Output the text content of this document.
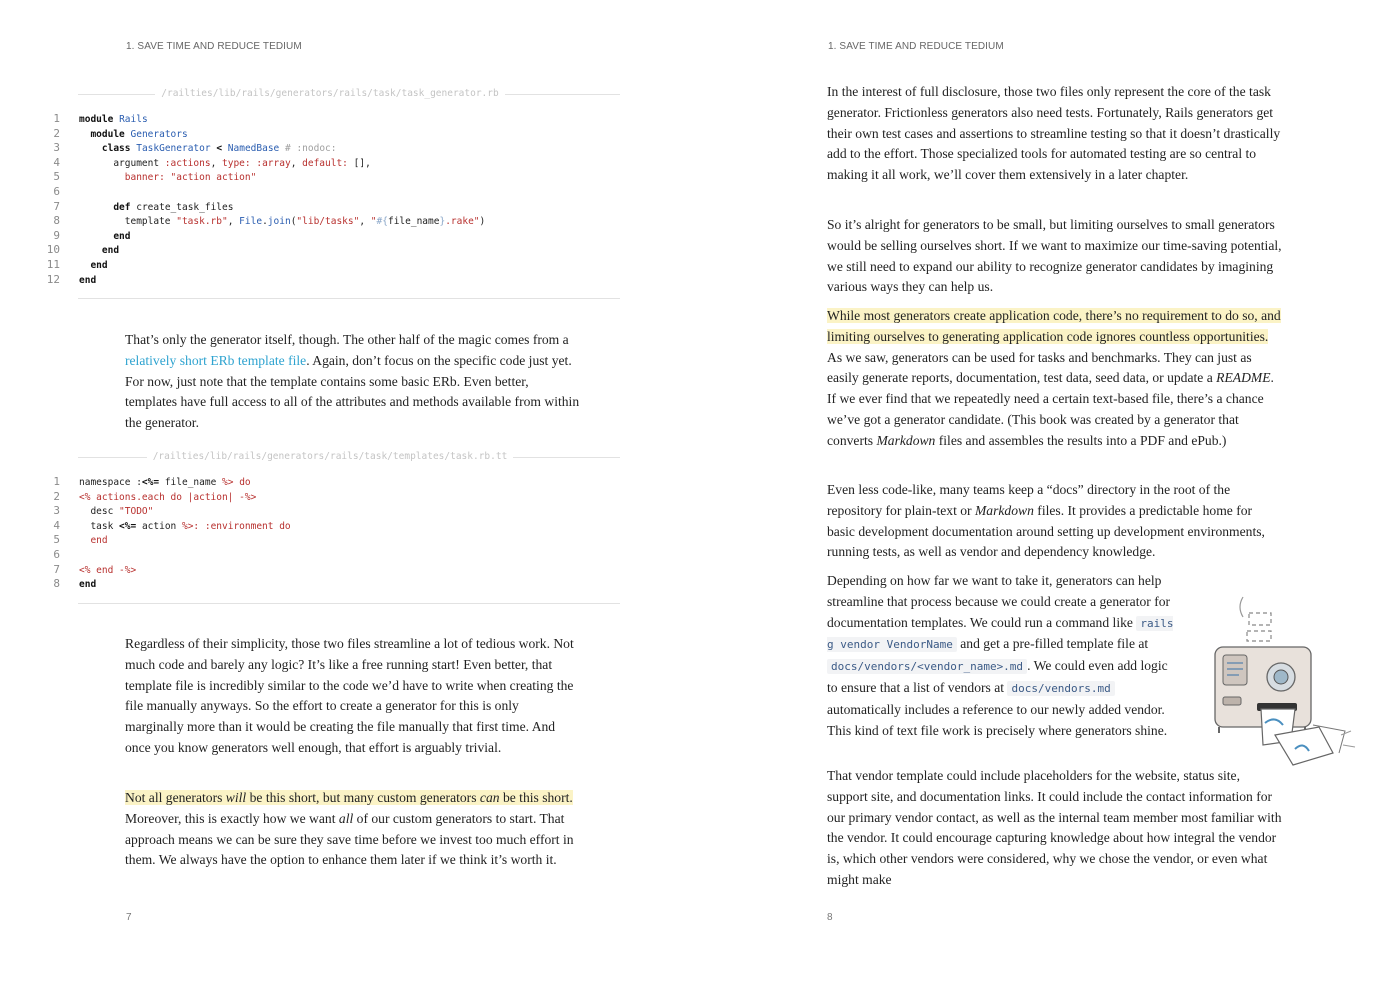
1. SAVE TIME AND REDUCE TEDIUM
/railties/lib/rails/generators/rails/task/task_generator.rb
1 module Rails
2	module Generators
3	class TaskGenerator < NamedBase # :nodoc:
4      argument :actions, type: :array, default: [],
5	banner: "action action"
6
7	def create_task_files
8        template "task.rb", File.join("lib/tasks", "#{file_name}.rake")
9	end
10	end
11	end
12 end

That’s only the generator itself, though. The other half of the magic comes from a relatively short ERb template file. Again, don’t focus on the specific code just yet. For now, just note that the template contains some basic ERb. Even better, templates have full access to all of the attributes and methods available from within the generator.

/railties/lib/rails/generators/rails/task/templates/task.rb.tt
1 namespace :<%= file_name %> do
2 <% actions.each do |action| -%>
3  desc "TODO"
4  task <%= action %>: :environment do
5	end
6
7 <% end -%>
8 end

Regardless of their simplicity, those two files streamline a lot of tedious work. Not much code and barely any logic? It’s like a free running start! Even better, that template file is incredibly similar to the code we’d have to write when creating the file manually anyways. So the effort to create a generator for this is only marginally more than it would be creating the file manually that first time. And once you know generators well enough, that effort is arguably trivial.

Not all generators will be this short, but many custom generators can be this short. Moreover, this is exactly how we want all of our custom generators to start. That approach means we can be sure they save time before we invest too much effort in them. We always have the option to enhance them later if we think it’s worth it.

7
1. SAVE TIME AND REDUCE TEDIUM

In the interest of full disclosure, those two files only represent the core of the task generator. Frictionless generators also need tests. Fortunately, Rails generators get their own test cases and assertions to streamline testing so that it doesn’t drastically add to the effort. Those specialized tools for automated testing are so central to making it all work, we’ll cover them extensively in a later chapter.

So it’s alright for generators to be small, but limiting ourselves to small generators would be selling ourselves short. If we want to maximize our time-saving potential, we still need to expand our ability to recognize generator candidates by imagining various ways they can help us.

While most generators create application code, there’s no requirement to do so, and limiting ourselves to generating application code ignores countless opportunities. As we saw, generators can be used for tasks and benchmarks. They can just as easily generate reports, documentation, test data, seed data, or update a README. If we ever find that we repeatedly need a certain text-based file, there’s a chance we’ve got a generator candidate. (This book was created by a generator that converts Markdown files and assembles the results into a PDF and ePub.)

Even less code-like, many teams keep a “docs” directory in the root of the repository for plain-text or Markdown files. It provides a predictable home for basic development documentation around setting up development environments, running tests, as well as vendor and dependency knowledge.

Depending on how far we want to take it, generators can help streamline that process because we could create a generator for documentation templates. We could run a command like rails g vendor VendorName and get a pre-filled template file at docs/vendors/<vendor_name>.md . We could even add logic to ensure that a list of vendors at docs/vendors.md automatically includes a reference to our newly added vendor. This kind of text file work is precisely where generators shine.

That vendor template could include placeholders for the website, status site, support site, and documentation links. It could include the contact information for our primary vendor contact, as well as the internal team member most familiar with the vendor. It could encourage capturing knowledge about how integral the vendor is, which other vendors were considered, why we chose the vendor, or even what might make

8
